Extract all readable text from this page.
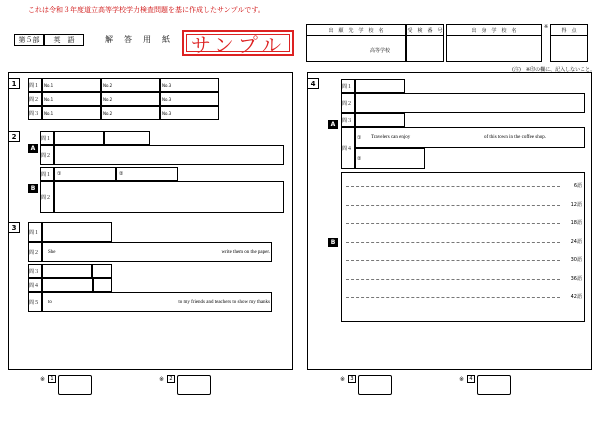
これは令和３年度道立高等学校学力検査問題を基に作成したサンプルです。
第５部	英　語	解 答 用 紙 サンプル
出　願　先　学　校　名
高等学校
受　検　番　号	出　身　学　校　名
※
得　点
(注)　※印の欄に、記入しないこと。
1	問１ No.1	No.2	No.3
問２ No.1	No.2	No.3
問３ No.1	No.2	No.3
2
A
B
問１
問２
問１ ①	②
問２
3
問１
問２ She	write them on the paper.
問３
問４
問５ to	to my friends and teachers to show my thanks
4
A
B
問１
問２
問３
問４
① Travelers can enjoy	of this town in the coffee shop.
②
6語
12語
18語
24語
30語
36語
42語
※	1	※	2	※	3	※	4
